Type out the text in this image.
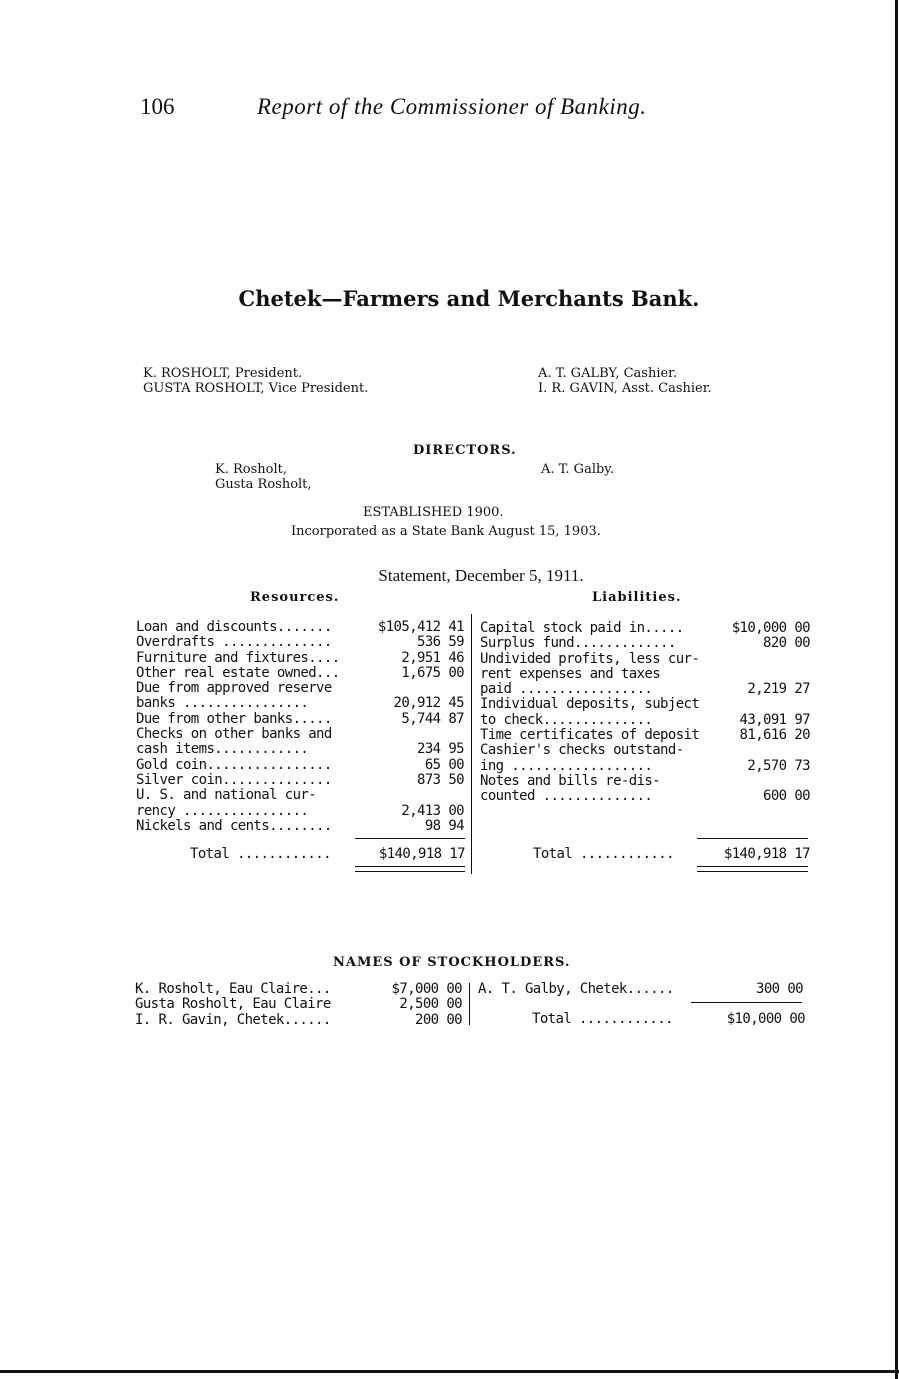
106	Report of the Commissioner of Banking.
Chetek—Farmers and Merchants Bank.
K. ROSHOLT, President.
GUSTA ROSHOLT, Vice President.
A. T. GALBY, Cashier.
I. R. GAVIN, Asst. Cashier.
DIRECTORS.
K. Rosholt,
Gusta Rosholt,
A. T. Galby.
ESTABLISHED 1900.
Incorporated as a State Bank August 15, 1903.
Statement, December 5, 1911.
Resources.	Liabilities.
Loan and discounts.......	$105,412 41
Overdrafts ..............	536 59
Furniture and fixtures....	2,951 46
Other real estate owned...	1,675 00
Due from approved reserve
banks ................	20,912 45
Due from other banks.....	5,744 87
Checks on other banks and
cash items............	234 95
Gold coin................	65 00
Silver coin..............	873 50
U. S. and national cur-
rency ................	2,413 00
Nickels and cents........	98 94
Capital stock paid in.....	$10,000 00
Surplus fund.............	820 00
Undivided profits, less cur-
rent expenses and taxes
paid .................	2,219 27
Individual deposits, subject
to check..............	43,091 97
Time certificates of deposit	81,616 20
Cashier's checks outstand-
ing ..................	2,570 73
Notes and bills re-dis-
counted ..............	600 00
Total ............	$140,918 17	Total ............	$140,918 17
NAMES OF STOCKHOLDERS.
K. Rosholt, Eau Claire...	$7,000 00
Gusta Rosholt, Eau Claire	2,500 00
I. R. Gavin, Chetek......	200 00
A. T. Galby, Chetek......	300 00
Total ............	$10,000 00
